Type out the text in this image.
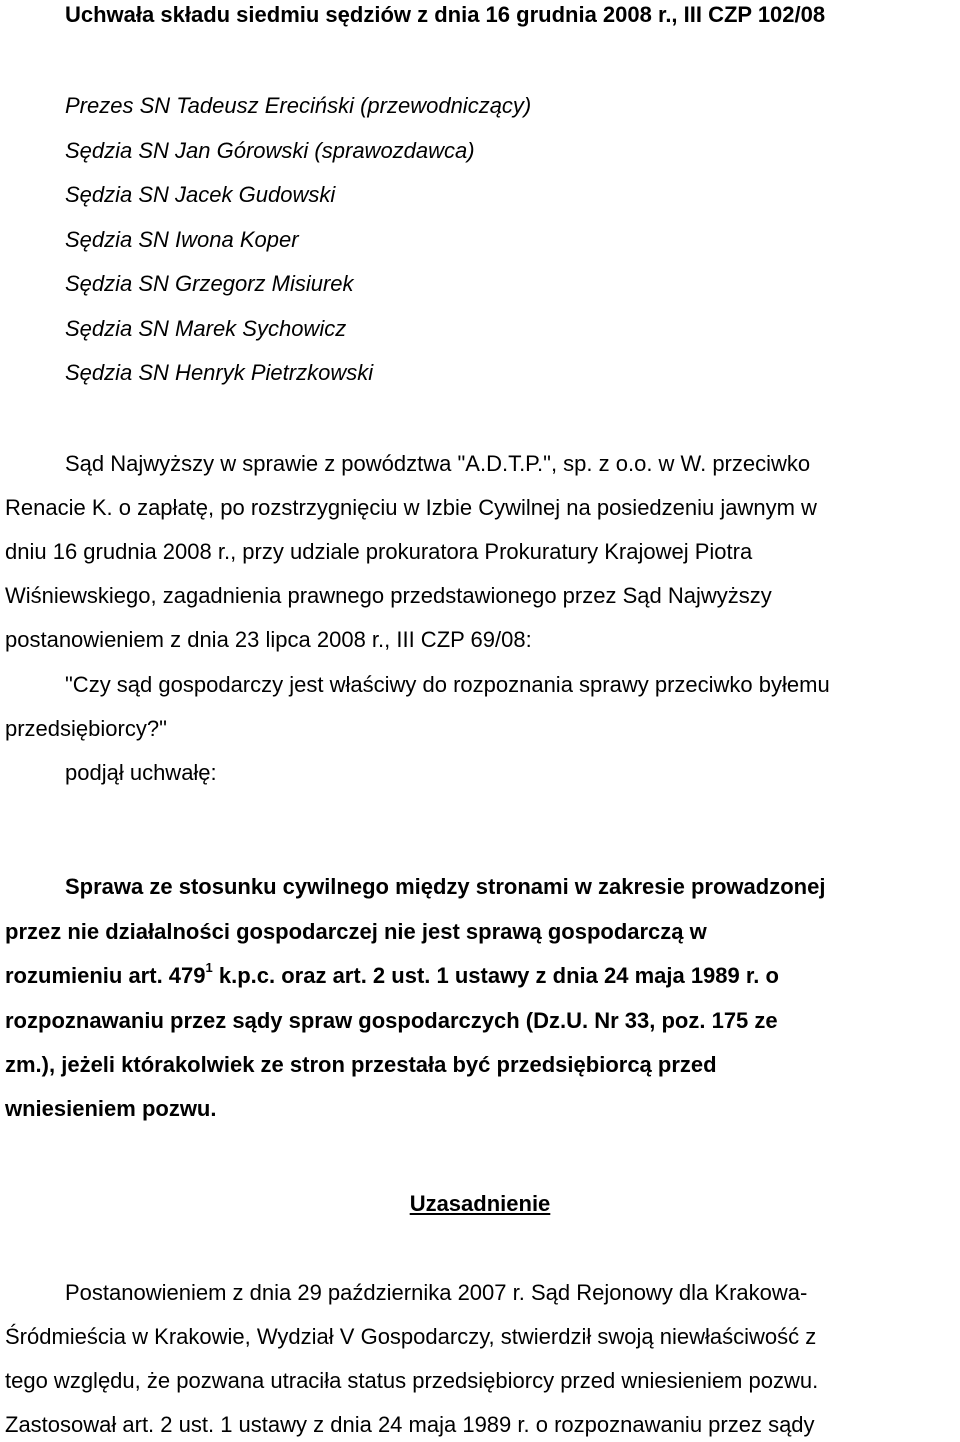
Uchwała składu siedmiu sędziów z dnia 16 grudnia 2008 r., III CZP 102/08
Prezes SN Tadeusz Ereciński (przewodniczący)
Sędzia SN Jan Górowski (sprawozdawca)
Sędzia SN Jacek Gudowski
Sędzia SN Iwona Koper
Sędzia SN Grzegorz Misiurek
Sędzia SN Marek Sychowicz
Sędzia SN Henryk Pietrzkowski
Sąd Najwyższy w sprawie z powództwa "A.D.T.P.", sp. z o.o. w W. przeciwko
Renacie K. o zapłatę, po rozstrzygnięciu w Izbie Cywilnej na posiedzeniu jawnym w
dniu 16 grudnia 2008 r., przy udziale prokuratora Prokuratury Krajowej Piotra
Wiśniewskiego, zagadnienia prawnego przedstawionego przez Sąd Najwyższy
postanowieniem z dnia 23 lipca 2008 r., III CZP 69/08:
"Czy sąd gospodarczy jest właściwy do rozpoznania sprawy przeciwko byłemu
przedsiębiorcy?"
podjął uchwałę:
Sprawa ze stosunku cywilnego między stronami w zakresie prowadzonej
przez nie działalności gospodarczej nie jest sprawą gospodarczą w
rozumieniu art. $479^1$ k.p.c. oraz art. 2 ust. 1 ustawy z dnia 24 maja 1989 r. o
rozpoznawaniu przez sądy spraw gospodarczych (Dz.U. Nr 33, poz. 175 ze
zm.), jeżeli którakolwiek ze stron przestała być przedsiębiorcą przed
wniesieniem pozwu.
Uzasadnienie
Postanowieniem z dnia 29 października 2007 r. Sąd Rejonowy dla Krakowa-
Śródmieścia w Krakowie, Wydział V Gospodarczy, stwierdził swoją niewłaściwość z
tego względu, że pozwana utraciła status przedsiębiorcy przed wniesieniem pozwu.
Zastosował art. 2 ust. 1 ustawy z dnia 24 maja 1989 r. o rozpoznawaniu przez sądy
